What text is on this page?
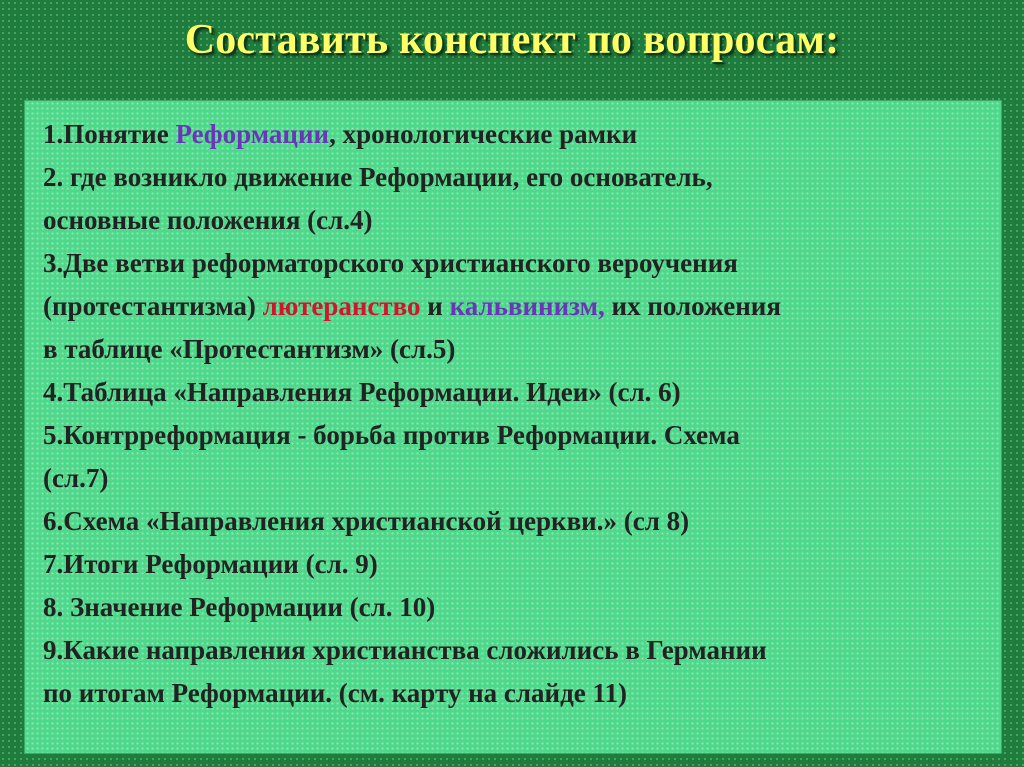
Составить конспект по вопросам:
1.Понятие Реформации, хронологические рамки
2. где возникло движение Реформации, его основатель,
основные положения (сл.4)
3.Две ветви реформаторского христианского вероучения
(протестантизма) лютеранство и кальвинизм, их положения
в таблице «Протестантизм» (сл.5)
4.Таблица «Направления Реформации. Идеи» (сл. 6)
5.Контрреформация - борьба против Реформации. Схема
(сл.7)
6.Схема «Направления христианской церкви.» (сл 8)
7.Итоги Реформации (сл. 9)
8. Значение Реформации (сл. 10)
9.Какие направления христианства сложились в Германии
по итогам Реформации. (см. карту на слайде 11)
